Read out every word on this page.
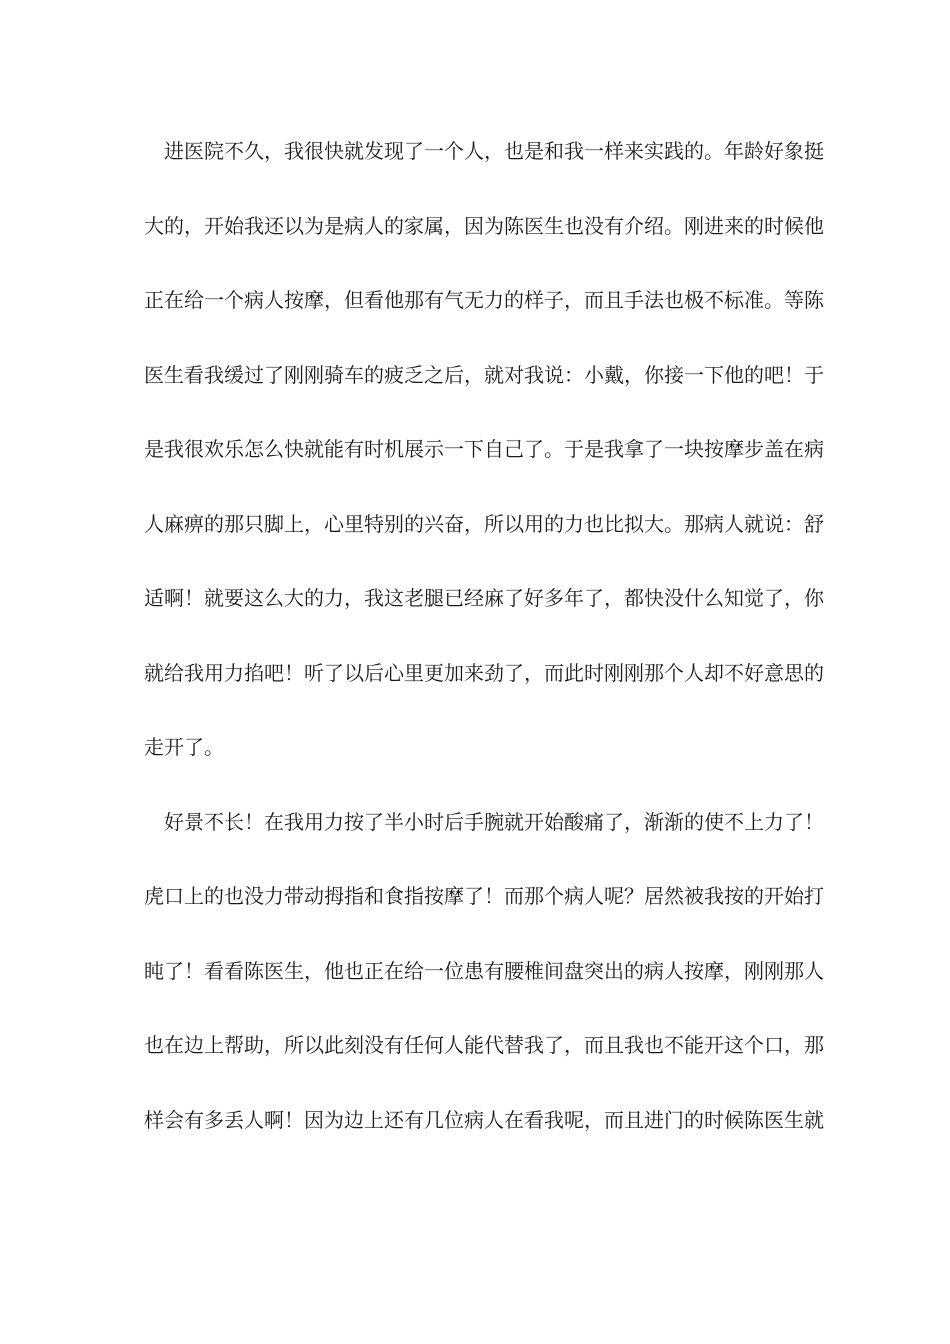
进医院不久，我很快就发现了一个人，也是和我一样来实践的。年龄好象挺
大的，开始我还以为是病人的家属，因为陈医生也没有介绍。刚进来的时候他
正在给一个病人按摩，但看他那有气无力的样子，而且手法也极不标准。等陈
医生看我缓过了刚刚骑车的疲乏之后，就对我说：小戴，你接一下他的吧！于
是我很欢乐怎么快就能有时机展示一下自己了。于是我拿了一块按摩步盖在病
人麻痹的那只脚上，心里特别的兴奋，所以用的力也比拟大。那病人就说：舒
适啊！就要这么大的力，我这老腿已经麻了好多年了，都快没什么知觉了，你
就给我用力掐吧！听了以后心里更加来劲了，而此时刚刚那个人却不好意思的
走开了。
好景不长！在我用力按了半小时后手腕就开始酸痛了，渐渐的使不上力了！
虎口上的也没力带动拇指和食指按摩了！而那个病人呢？居然被我按的开始打
盹了！看看陈医生，他也正在给一位患有腰椎间盘突出的病人按摩，刚刚那人
也在边上帮助，所以此刻没有任何人能代替我了，而且我也不能开这个口，那
样会有多丢人啊！因为边上还有几位病人在看我呢，而且进门的时候陈医生就
